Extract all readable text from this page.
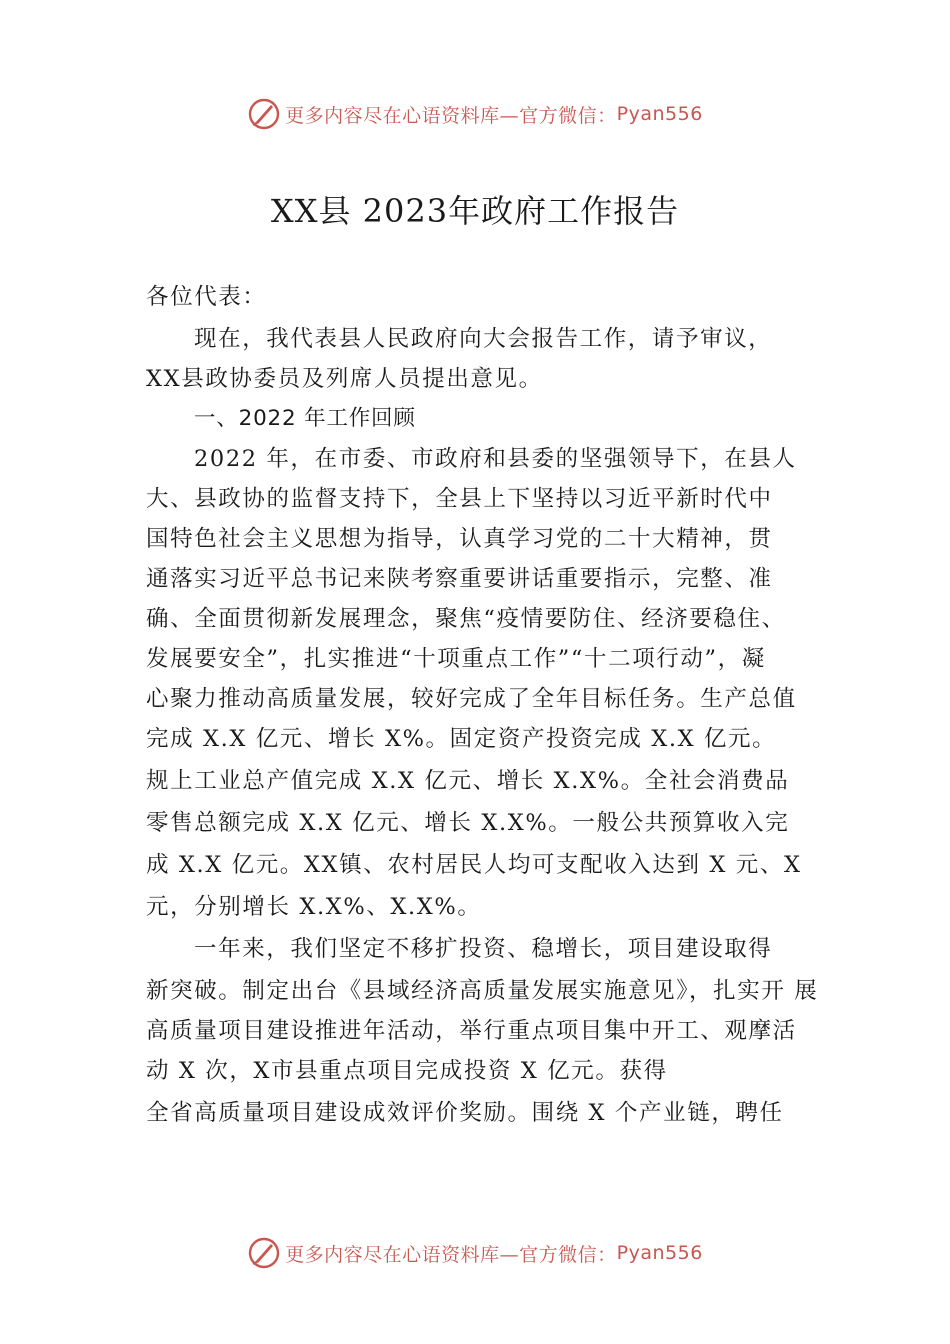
更多内容尽在心语资料库—官方微信： Pyan556
XX县 2023年政府工作报告
各位代表：
现在，我代表县人民政府向大会报告工作，请予审议，
XX县政协委员及列席人员提出意见。
一、2022 年工作回顾
2022 年，在市委、市政府和县委的坚强领导下，在县人
大、县政协的监督支持下，全县上下坚持以习近平新时代中
国特色社会主义思想为指导，认真学习党的二十大精神，贯
通落实习近平总书记来陕考察重要讲话重要指示，完整、准
确、全面贯彻新发展理念，聚焦“疫情要防住、经济要稳住、
发展要安全”，扎实推进“十项重点工作”“十二项行动”，凝
心聚力推动高质量发展，较好完成了全年目标任务。生产总值
完成 X.X 亿元、增长 X%。固定资产投资完成 X.X 亿元。
规上工业总产值完成 X.X 亿元、增长 X.X%。全社会消费品
零售总额完成 X.X 亿元、增长 X.X%。一般公共预算收入完
成 X.X 亿元。XX镇、农村居民人均可支配收入达到 X 元、X
元，分别增长 X.X%、X.X%。
一年来，我们坚定不移扩投资、稳增长，项目建设取得
新突破。制定出台《县域经济高质量发展实施意见》，扎实开 展
高质量项目建设推进年活动，举行重点项目集中开工、观摩活
动 X 次，X市县重点项目完成投资 X 亿元。获得
全省高质量项目建设成效评价奖励。围绕 X 个产业链，聘任
更多内容尽在心语资料库—官方微信： Pyan556
